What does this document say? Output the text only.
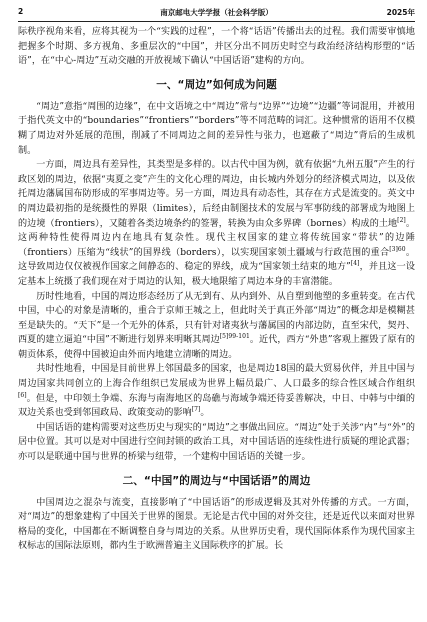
2	南京邮电大学学报（社会科学版）	2025年

际秩序视角来看，应将其视为一个“实践的过程”，一个将“话语”传播出去的过程。我们需要审慎地把握多个时期、多方视角、多重层次的“中国”，并区分出不同历史时空与政治经济结构形塑的“话语”，在“中心-周边”互动交融的开放视域下确认“中国话语”建构的方向。

一、“周边”如何成为问题

“周边”意指“周围的边缘”，在中文语境之中“周边”常与“边界”“边境”“边疆”等词混用，并被用于指代英文中的“boundaries”“frontiers”“borders”等不同范畴的词汇。这种惯常的语用不仅模糊了周边对外延展的范围，削减了不同周边之间的差异性与张力，也遮蔽了“周边”背后的生成机制。

一方面，周边具有差异性，其类型是多样的。以古代中国为例，就有依据“九州五服”产生的行政区划的周边，依据“夷夏之变”产生的文化心理的周边，由长城内外划分的经济模式周边，以及依托周边藩属国布防形成的军事周边等。另一方面，周边具有动态性，其存在方式是流变的。英文中的周边最初指的是统摄性的界限（limites），后经由制图技术的发展与军事防线的部署成为地图上的边境（frontiers），又随着各类边境条约的签署，转换为由众多界碑（bornes）构成的土地[2]。这两种特性使得周边内在地具有复杂性。现代主权国家的建立将传统国家“带状”的边陲（frontiers）压缩为“线状”的国界线（borders），以实现国家领土疆域与行政范围的重合$^{[3]60}$。这导致周边仅仅被视作国家之间静态的、稳定的界线，成为“国家领土结束的地方”[4]，并且这一设定基本上统摄了我们现在对于周边的认知，极大地限缩了周边本身的丰富潜能。

历时性地看，中国的周边形态经历了从无到有、从内到外、从自塑到他塑的多重转变。在古代中国，中心的对象是清晰的，重合于京师王城之上，但此时关于真正外部“周边”的概念却是模糊甚至是缺失的。“天下”是一个无外的体系，只有针对诸夷狄与藩属国的内部边防，直至宋代，契丹、西夏的建立逼迫“中国”不断进行划界来明晰其周边$^{[5]99-101}$。近代，西方“外患”客观上摧毁了原有的朝贡体系，使得中国被迫由外而内地建立清晰的周边。

共时性地看，中国是目前世界上邻国最多的国家，也是周边18国的最大贸易伙伴，并且中国与周边国家共同创立的上海合作组织已发展成为世界上幅员最广、人口最多的综合性区域合作组织[6]。但是，中印领土争端、东海与南海地区的岛礁与海域争端还待妥善解决，中日、中韩与中缅的双边关系也受到邻国政局、政策变动的影响[7]。

中国话语的建构需要对这些历史与现实的“周边”之事做出回应。“周边”处于关涉“内”与“外”的居中位置。其可以是对中国进行空间封锁的政治工具，对中国话语的连续性进行质疑的理论武器；亦可以是联通中国与世界的桥梁与纽带，一个建构中国话语的关键一步。

二、“中国”的周边与“中国话语”的周边

中国周边之混杂与流变，直接影响了“中国话语”的形成逻辑及其对外传播的方式。一方面，对“周边”的想象建构了中国关于世界的图景。无论是古代中国的对外交往，还是近代以来面对世界格局的变化，中国都在不断调整自身与周边的关系。从世界历史看，现代国际体系作为现代国家主权标志的国际法原则，都内生于欧洲普遍主义国际秩序的扩展。长
